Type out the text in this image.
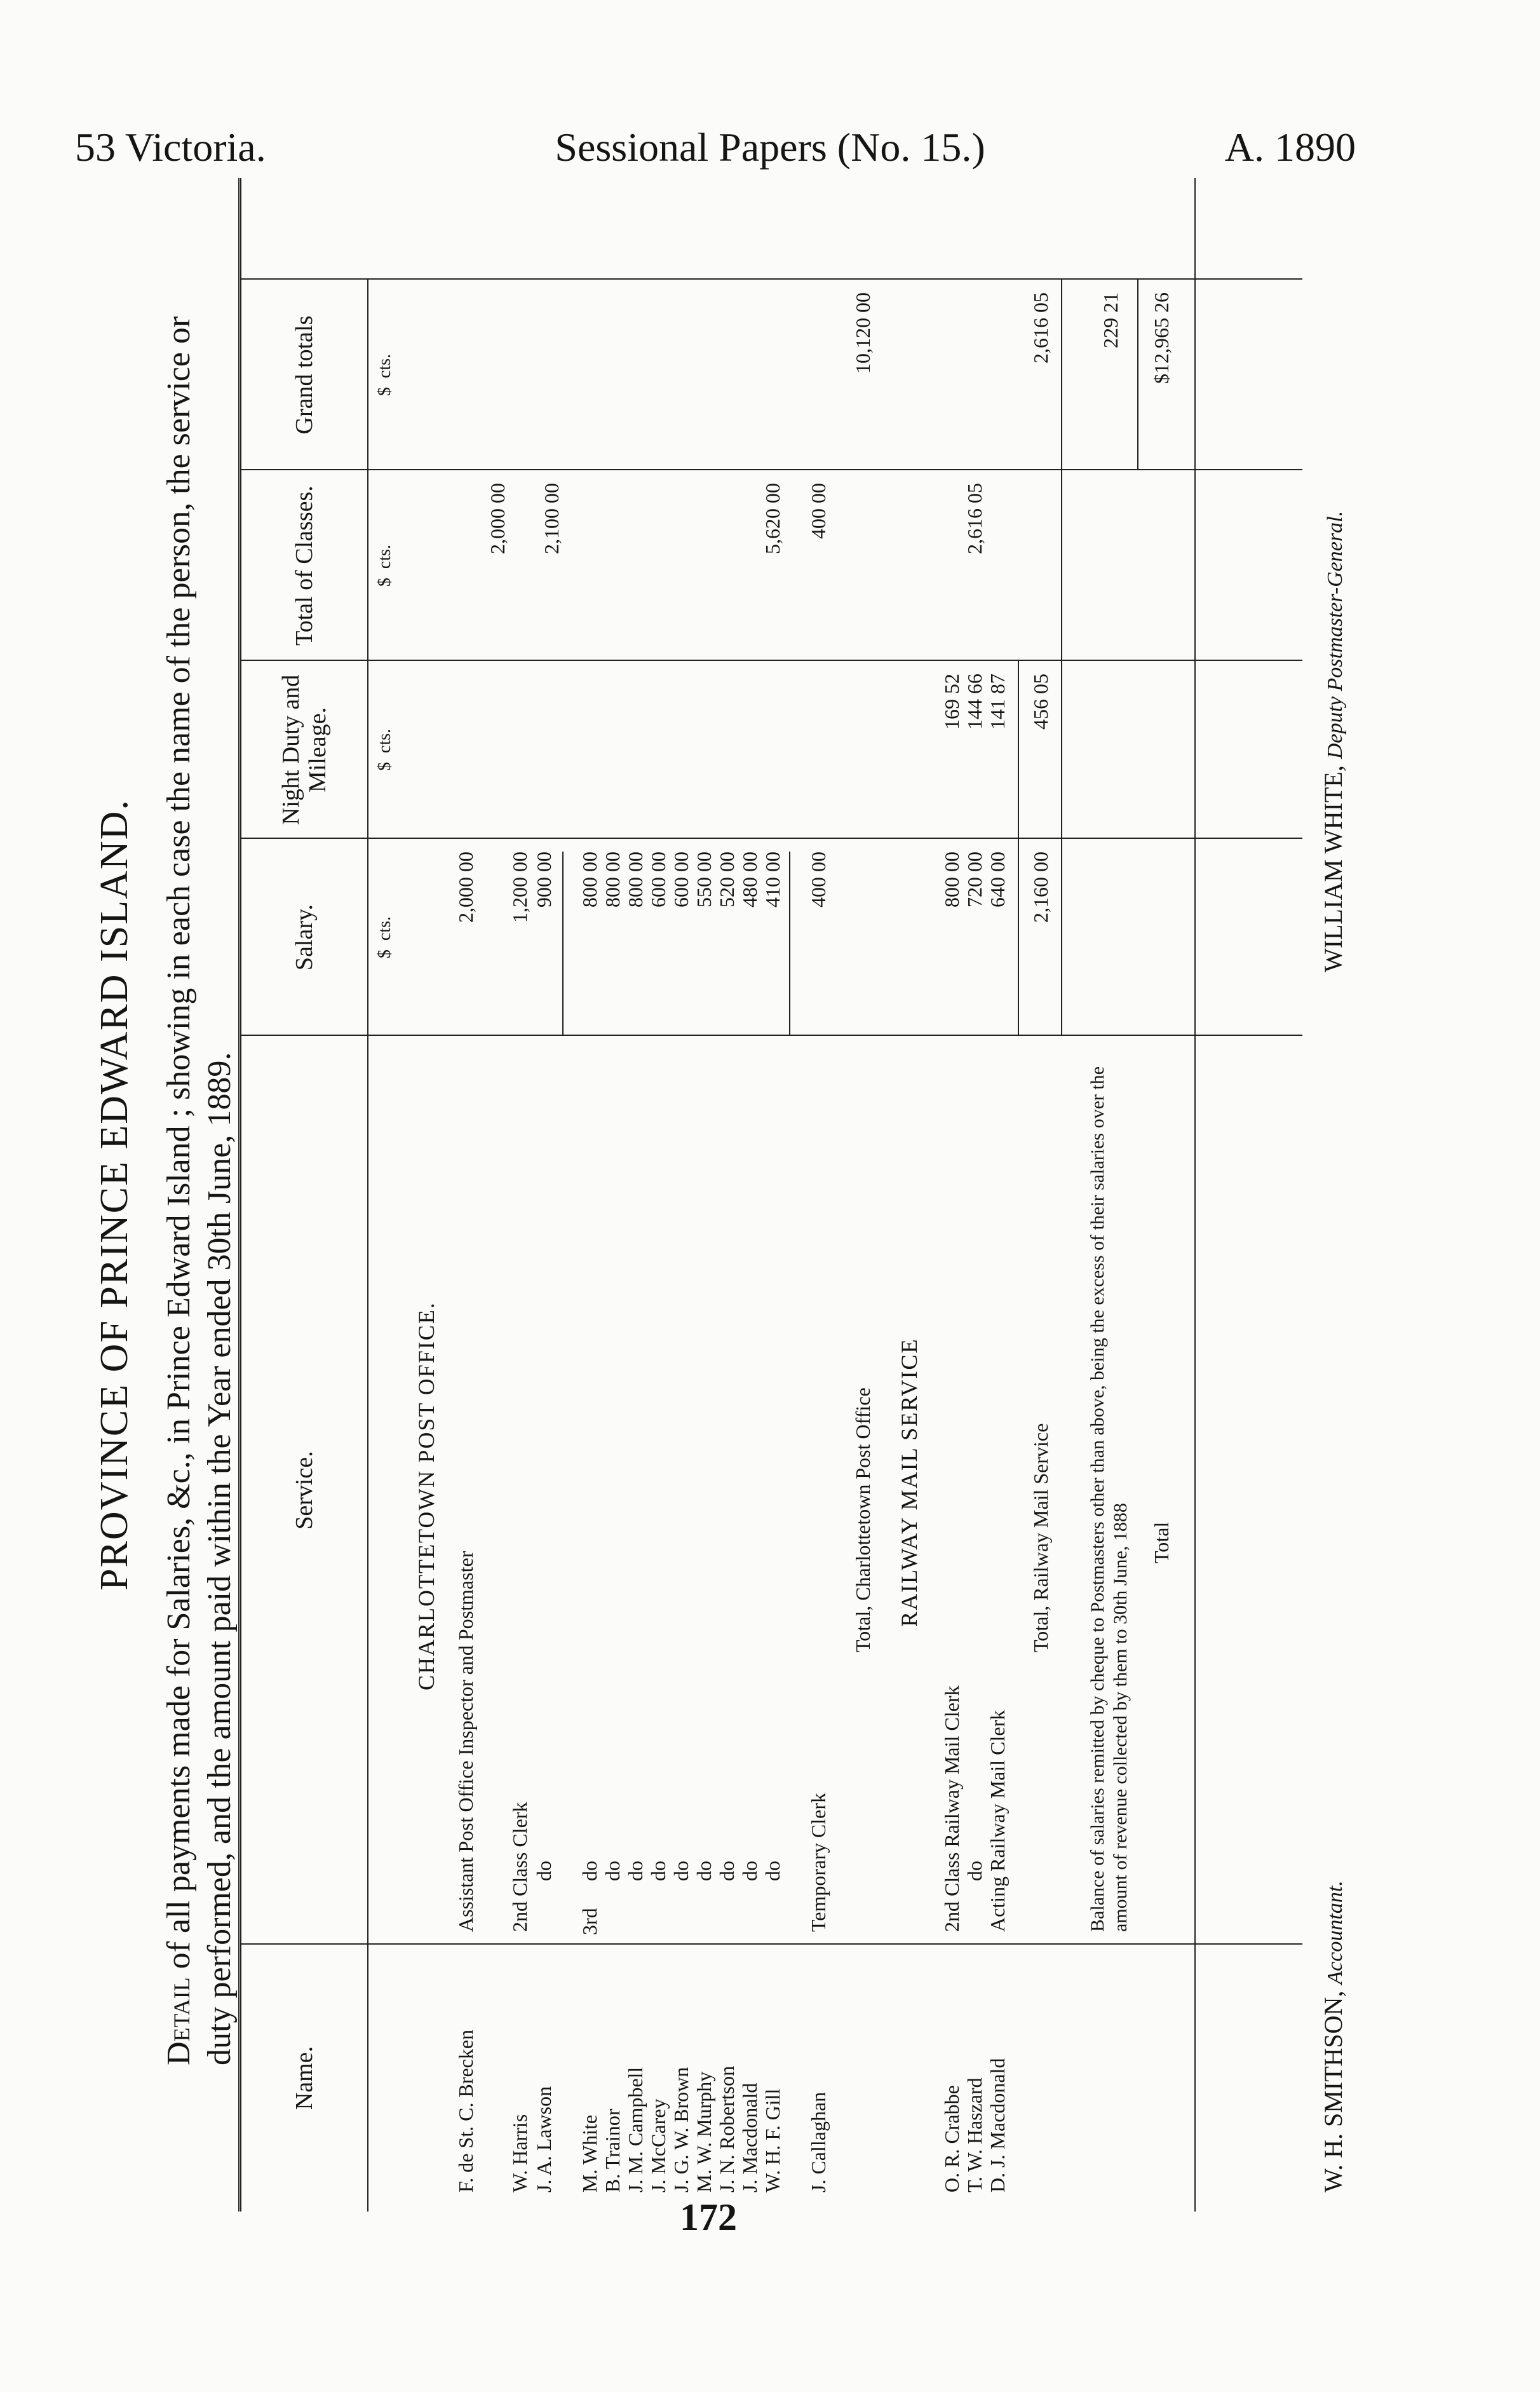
53 Victoria.	Sessional Papers (No. 15.)	A. 1890
PROVINCE OF PRINCE EDWARD ISLAND.
Detail of all payments made for Salaries, &c., in Prince Edward Island ; showing in each case the name of the person, the service or duty performed, and the amount paid within the Year ended 30th June, 1889.
Name.
Service.
Salary.
Night Duty and Mileage.
Total of Classes.
Grand totals
$  cts.
$  cts.
$  cts.
$  cts.
CHARLOTTETOWN POST OFFICE.
F. de St. C. Brecken
Assistant Post Office Inspector and Postmaster
2,000 00
2,000 00
W. Harris
2nd Class Clerk
1,200 00
J. A. Lawson
do
900 00
2,100 00
M. White
3rd
do
800 00
B. Trainor
do
800 00
J. M. Campbell
do
800 00
J. McCarey
do
600 00
J. G. W. Brown
do
600 00
M. W. Murphy
do
550 00
J. N. Robertson
do
520 00
J. Macdonald
do
480 00
W. H. F. Gill
do
410 00
5,620 00
J. Callaghan
Temporary Clerk
400 00
400 00
Total, Charlottetown Post Office
10,120 00
RAILWAY MAIL SERVICE
O. R. Crabbe
2nd Class Railway Mail Clerk
800 00
169 52
T. W. Haszard
do
720 00
144 66
D. J. Macdonald
Acting Railway Mail Clerk
640 00
141 87
2,616 05
Total, Railway Mail Service
2,160 00
456 05
2,616 05
Balance of salaries remitted by cheque to Postmasters other than above, being the excess of their salaries over the amount of revenue collected by them to 30th June, 1888
229 21
Total
$12,965 26
W. H. SMITHSON, Accountant.
WILLIAM WHITE, Deputy Postmaster-General.
172
